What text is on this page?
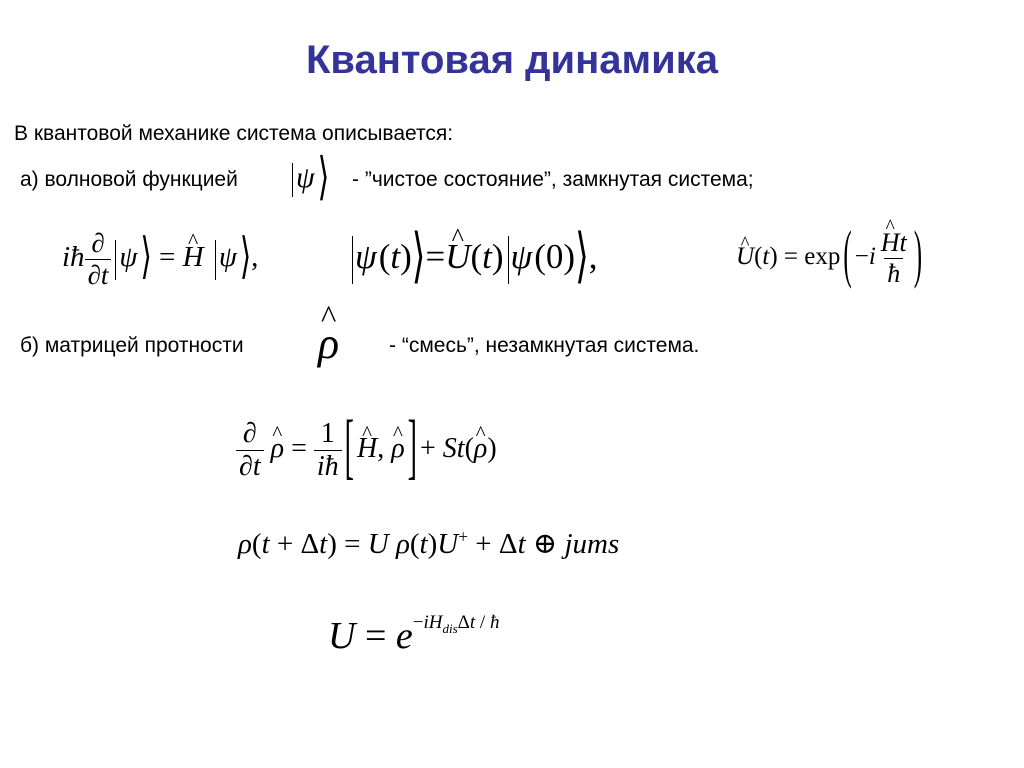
Квантовая динамика
В квантовой механике система описывается:
а) волновой функцией ψ ⟩ - ”чистое состояние”, замкнутая система;
iħ $\frac{\partial}{\partial t}$ ψ ⟩ = ^ H ψ ⟩,	ψ(t)⟩=^ U(t) ψ(0)⟩,	^ U(t) = exp ( −i ^ $\frac{Ht}{ħ}$ )
б) матрицей протности ^ ρ - “смесь”, незамкнутая система.
$\frac{\partial}{\partial t}$ ^ $\rho = \frac{1}{iħ}$ [ ^ H, ^ ρ ] + St(^ ρ)
ρ(t + Δt) = U ρ(t)U+ + Δt ⊕ jums
$U = e^{-iH_{dis}\Delta t / ħ}$
